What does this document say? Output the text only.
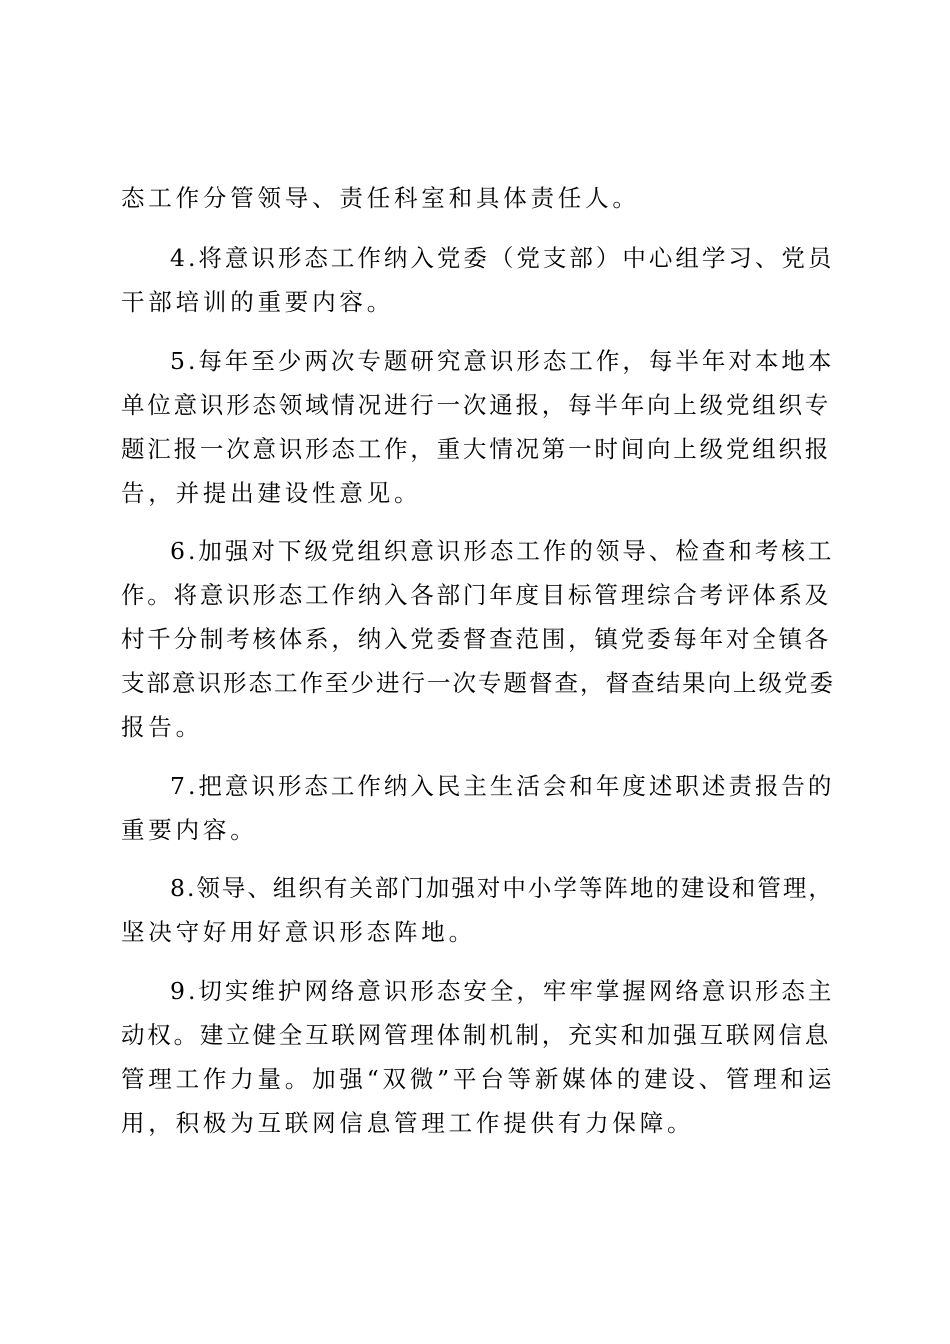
态工作分管领导、责任科室和具体责任人。
4.将意识形态工作纳入党委（党支部）中心组学习、党员
干部培训的重要内容。
5.每年至少两次专题研究意识形态工作，每半年对本地本
单位意识形态领域情况进行一次通报，每半年向上级党组织专
题汇报一次意识形态工作，重大情况第一时间向上级党组织报
告，并提出建设性意见。
6.加强对下级党组织意识形态工作的领导、检查和考核工
作。将意识形态工作纳入各部门年度目标管理综合考评体系及
村千分制考核体系，纳入党委督查范围，镇党委每年对全镇各
支部意识形态工作至少进行一次专题督查，督查结果向上级党委
报告。
7.把意识形态工作纳入民主生活会和年度述职述责报告的
重要内容。
8.领导、组织有关部门加强对中小学等阵地的建设和管理，
坚决守好用好意识形态阵地。
9.切实维护网络意识形态安全，牢牢掌握网络意识形态主
动权。建立健全互联网管理体制机制，充实和加强互联网信息
管理工作力量。加强“双微”平台等新媒体的建设、管理和运
用，积极为互联网信息管理工作提供有力保障。
